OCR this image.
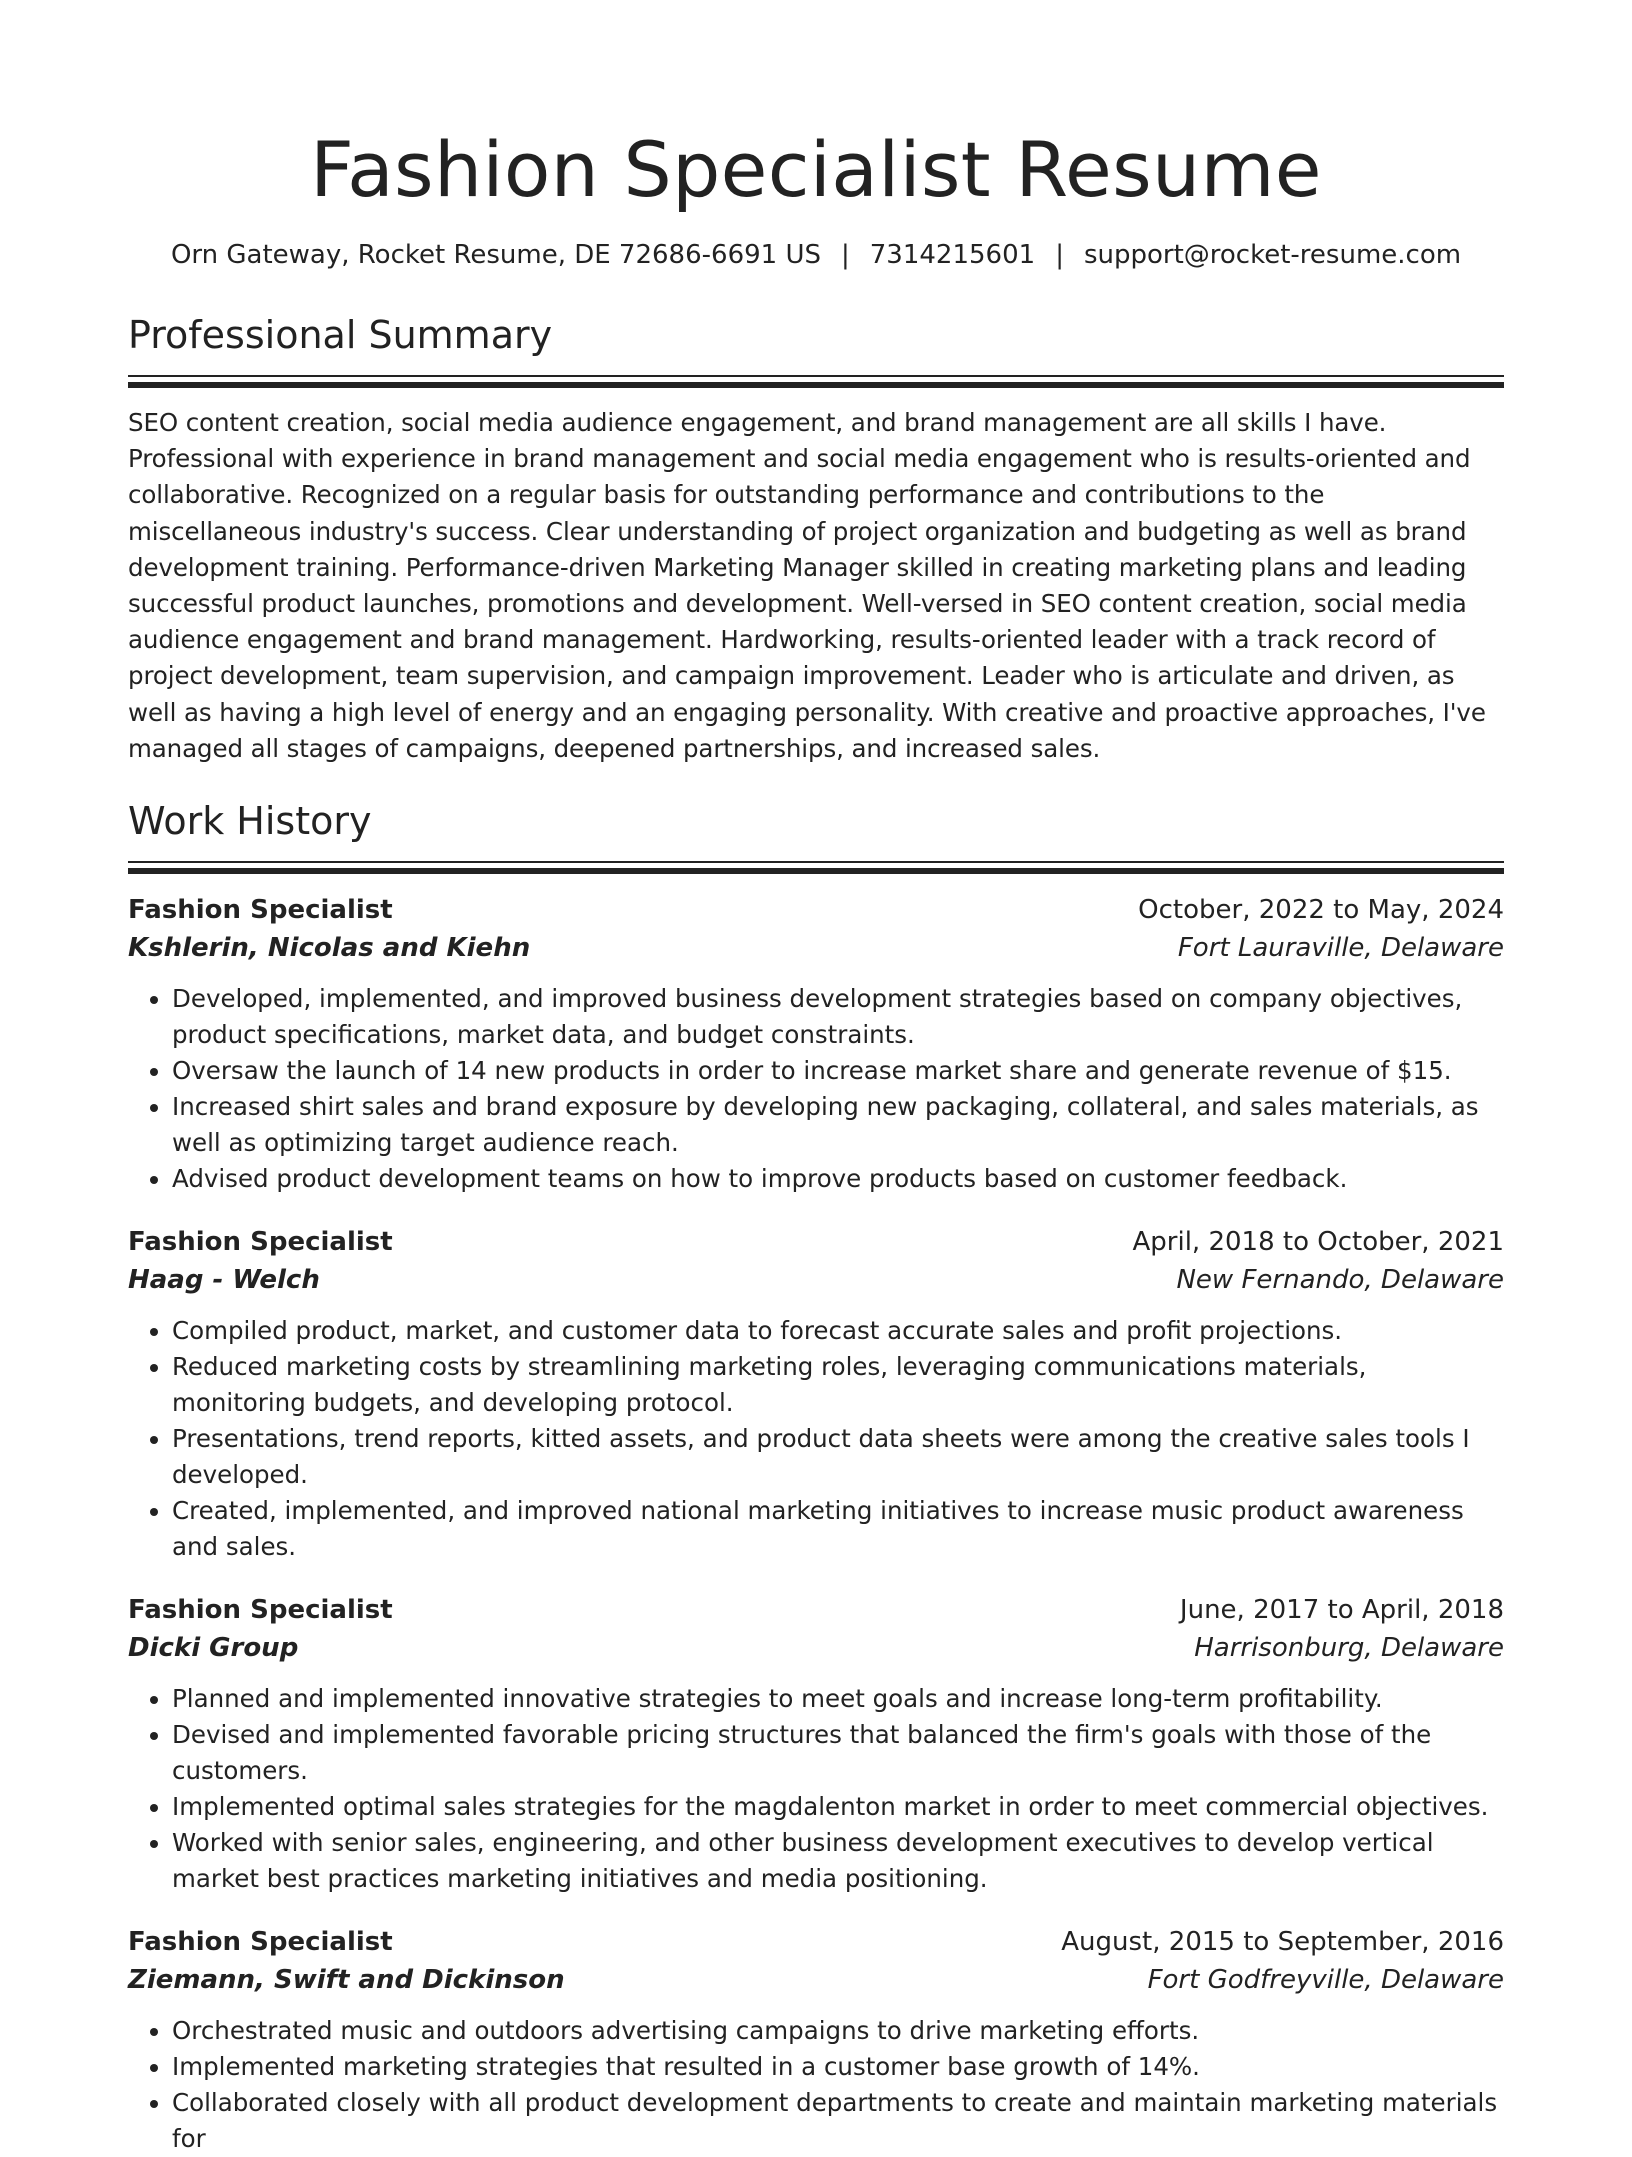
Fashion Specialist Resume
Orn Gateway, Rocket Resume, DE 72686-6691 US | 7314215601 | support@rocket-resume.com
Professional Summary
SEO content creation, social media audience engagement, and brand management are all skills I have. Professional with experience in brand management and social media engagement who is results-oriented and collaborative. Recognized on a regular basis for outstanding performance and contributions to the miscellaneous industry's success. Clear understanding of project organization and budgeting as well as brand development training. Performance-driven Marketing Manager skilled in creating marketing plans and leading successful product launches, promotions and development. Well-versed in SEO content creation, social media audience engagement and brand management. Hardworking, results-oriented leader with a track record of project development, team supervision, and campaign improvement. Leader who is articulate and driven, as well as having a high level of energy and an engaging personality. With creative and proactive approaches, I've managed all stages of campaigns, deepened partnerships, and increased sales.
Work History
Fashion Specialist	October, 2022 to May, 2024
Kshlerin, Nicolas and Kiehn	Fort Lauraville, Delaware
• Developed, implemented, and improved business development strategies based on company objectives, product specifications, market data, and budget constraints.
• Oversaw the launch of 14 new products in order to increase market share and generate revenue of $15.
• Increased shirt sales and brand exposure by developing new packaging, collateral, and sales materials, as well as optimizing target audience reach.
• Advised product development teams on how to improve products based on customer feedback.
Fashion Specialist	April, 2018 to October, 2021
Haag - Welch	New Fernando, Delaware
• Compiled product, market, and customer data to forecast accurate sales and profit projections.
• Reduced marketing costs by streamlining marketing roles, leveraging communications materials, monitoring budgets, and developing protocol.
• Presentations, trend reports, kitted assets, and product data sheets were among the creative sales tools I developed.
• Created, implemented, and improved national marketing initiatives to increase music product awareness and sales.
Fashion Specialist	June, 2017 to April, 2018
Dicki Group	Harrisonburg, Delaware
• Planned and implemented innovative strategies to meet goals and increase long-term profitability.
• Devised and implemented favorable pricing structures that balanced the firm's goals with those of the customers.
• Implemented optimal sales strategies for the magdalenton market in order to meet commercial objectives.
• Worked with senior sales, engineering, and other business development executives to develop vertical market best practices marketing initiatives and media positioning.
Fashion Specialist	August, 2015 to September, 2016
Ziemann, Swift and Dickinson	Fort Godfreyville, Delaware
• Orchestrated music and outdoors advertising campaigns to drive marketing efforts.
• Implemented marketing strategies that resulted in a customer base growth of 14%.
• Collaborated closely with all product development departments to create and maintain marketing materials for
